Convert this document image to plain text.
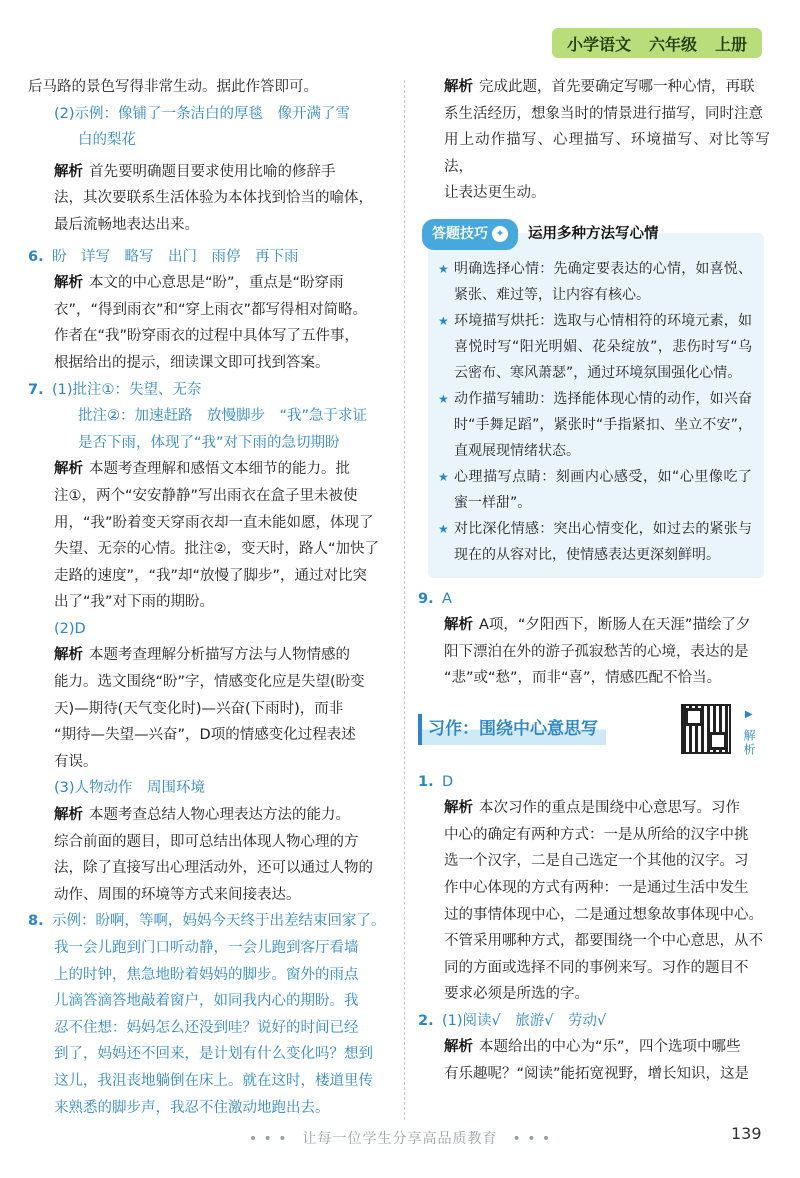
小学语文 六年级 上册

后马路的景色写得非常生动。据此作答即可。

(2)示例：像铺了一条洁白的厚毯　像开满了雪

白的梨花

解析 首先要明确题目要求使用比喻的修辞手

法，其次要联系生活体验为本体找到恰当的喻体，

最后流畅地表达出来。

6. 盼　详写　略写　出门　雨停　再下雨

解析 本文的中心意思是“盼”，重点是“盼穿雨

衣”，“得到雨衣”和“穿上雨衣”都写得相对简略。

作者在“我”盼穿雨衣的过程中具体写了五件事，

根据给出的提示，细读课文即可找到答案。

7. (1)批注①：失望、无奈

批注②：加速赶路　放慢脚步　“我”急于求证

是否下雨，体现了“我”对下雨的急切期盼

解析 本题考查理解和感悟文本细节的能力。批

注①，两个“安安静静”写出雨衣在盒子里未被使

用，“我”盼着变天穿雨衣却一直未能如愿，体现了

失望、无奈的心情。批注②，变天时，路人“加快了

走路的速度”，“我”却“放慢了脚步”，通过对比突

出了“我”对下雨的期盼。

(2)D

解析 本题考查理解分析描写方法与人物情感的

能力。选文围绕“盼”字，情感变化应是失望(盼变

天)—期待(天气变化时)—兴奋(下雨时)，而非

“期待—失望—兴奋”，D项的情感变化过程表述

有误。

(3)人物动作　周围环境

解析 本题考查总结人物心理表达方法的能力。

综合前面的题目，即可总结出体现人物心理的方

法，除了直接写出心理活动外，还可以通过人物的

动作、周围的环境等方式来间接表达。

8. 示例：盼啊，等啊，妈妈今天终于出差结束回家了。

我一会儿跑到门口听动静，一会儿跑到客厅看墙

上的时钟，焦急地盼着妈妈的脚步。窗外的雨点

儿滴答滴答地敲着窗户，如同我内心的期盼。我

忍不住想：妈妈怎么还没到哇？说好的时间已经

到了，妈妈还不回来，是计划有什么变化吗？想到

这儿，我沮丧地躺倒在床上。就在这时，楼道里传

来熟悉的脚步声，我忍不住激动地跑出去。

解析 完成此题，首先要确定写哪一种心情，再联

系生活经历，想象当时的情景进行描写，同时注意

用上动作描写、心理描写、环境描写、对比等写法，

让表达更生动。

答题技巧 ✦ 运用多种方法写心情

★ 明确选择心情：先确定要表达的心情，如喜悦、紧张、难过等，让内容有核心。

★ 环境描写烘托：选取与心情相符的环境元素，如喜悦时写“阳光明媚、花朵绽放”，悲伤时写“乌云密布、寒风萧瑟”，通过环境氛围强化心情。

★ 动作描写辅助：选择能体现心情的动作，如兴奋时“手舞足蹈”，紧张时“手指紧扣、坐立不安”，直观展现情绪状态。

★ 心理描写点睛：刻画内心感受，如“心里像吃了蜜一样甜”。

★ 对比深化情感：突出心情变化，如过去的紧张与现在的从容对比，使情感表达更深刻鲜明。

9. A

解析 A项，“夕阳西下，断肠人在天涯”描绘了夕

阳下漂泊在外的游子孤寂愁苦的心境，表达的是

“悲”或“愁”，而非“喜”，情感匹配不恰当。

习作：围绕中心意思写
▶
解析

1. D

解析 本次习作的重点是围绕中心意思写。习作

中心的确定有两种方式：一是从所给的汉字中挑

选一个汉字，二是自己选定一个其他的汉字。习

作中心体现的方式有两种：一是通过生活中发生

过的事情体现中心，二是通过想象故事体现中心。

不管采用哪种方式，都要围绕一个中心意思，从不

同的方面或选择不同的事例来写。习作的题目不

要求必须是所选的字。

2. (1)阅读√　旅游√　劳动√

解析 本题给出的中心为“乐”，四个选项中哪些

有乐趣呢？“阅读”能拓宽视野，增长知识，这是

• • •　让每一位学生分享高品质教育　• • •	139
